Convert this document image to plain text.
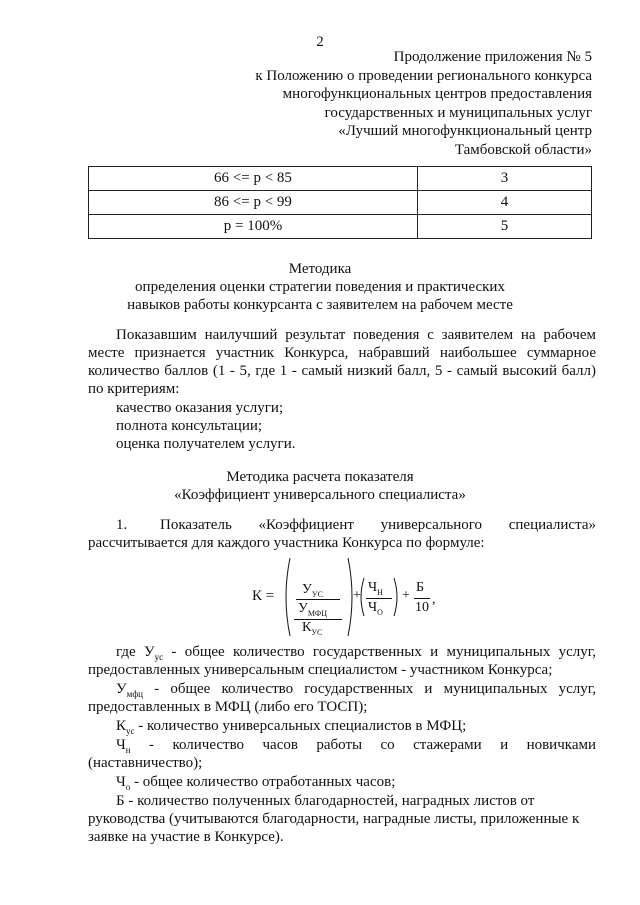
2
Продолжение приложения № 5
к Положению о проведении регионального конкурса
многофункциональных центров предоставления
государственных и муниципальных услуг
«Лучший многофункциональный центр
Тамбовской области»
66 <= p < 85	3
86 <= p < 99	4
p = 100%	5
Методика
определения оценки стратегии поведения и практических
навыков работы конкурсанта с заявителем на рабочем месте
Показавшим наилучший результат поведения с заявителем на рабочем месте признается участник Конкурса, набравший наибольшее суммарное количество баллов (1 - 5, где 1 - самый низкий балл, 5 - самый высокий балл) по критериям:
качество оказания услуги;
полнота консультации;
оценка получателем услуги.
Методика расчета показателя
«Коэффициент универсального специалиста»
1. Показатель «Коэффициент универсального специалиста»
рассчитывается для каждого участника Конкурса по формуле:
$К = У_{УС}$
$У_{МФЦ}$
$К_{УС}$
+
$Ч_Н$
$Ч_О$
+
Б
10
,
где $У_{ус}$ - общее количество государственных и муниципальных услуг,
предоставленных универсальным специалистом - участником Конкурса;
$У_{мфц}$ - общее количество государственных и муниципальных услуг,
предоставленных в МФЦ (либо его ТОСП);
$К_{ус}$ - количество универсальных специалистов в МФЦ;
$Ч_н$ - количество часов работы со стажерами и новичками
(наставничество);
$Ч_о$ - общее количество отработанных часов;
Б - количество полученных благодарностей, наградных листов от
руководства (учитываются благодарности, наградные листы, приложенные к
заявке на участие в Конкурсе).
